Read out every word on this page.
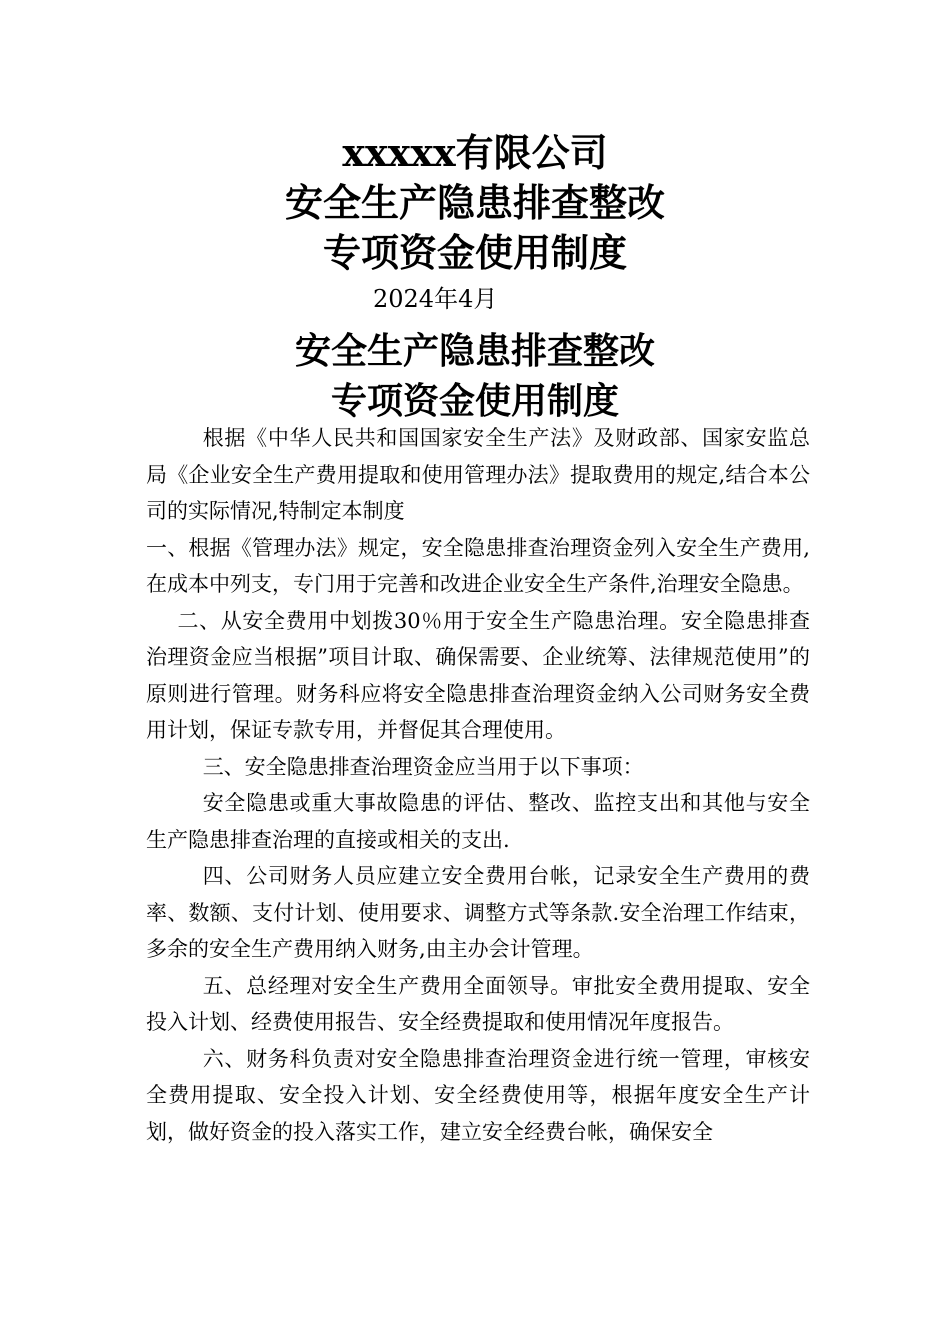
xxxxx有限公司
安全生产隐患排查整改
专项资金使用制度
2024年4月
安全生产隐患排查整改
专项资金使用制度

根据《中华人民共和国国家安全生产法》及财政部、国家安监总局《企业安全生产费用提取和使用管理办法》提取费用的规定,结合本公司的实际情况,特制定本制度

一、根据《管理办法》规定，安全隐患排查治理资金列入安全生产费用,在成本中列支，专门用于完善和改进企业安全生产条件,治理安全隐患。

二、从安全费用中划拨30％用于安全生产隐患治理。安全隐患排查治理资金应当根据”项目计取、确保需要、企业统筹、法律规范使用”的原则进行管理。财务科应将安全隐患排查治理资金纳入公司财务安全费用计划，保证专款专用，并督促其合理使用。

三、安全隐患排查治理资金应当用于以下事项：

安全隐患或重大事故隐患的评估、整改、监控支出和其他与安全生产隐患排查治理的直接或相关的支出.

四、公司财务人员应建立安全费用台帐，记录安全生产费用的费率、数额、支付计划、使用要求、调整方式等条款.安全治理工作结束，多余的安全生产费用纳入财务,由主办会计管理。

五、总经理对安全生产费用全面领导。审批安全费用提取、安全投入计划、经费使用报告、安全经费提取和使用情况年度报告。

六、财务科负责对安全隐患排查治理资金进行统一管理，审核安全费用提取、安全投入计划、安全经费使用等，根据年度安全生产计划，做好资金的投入落实工作，建立安全经费台帐，确保安全
